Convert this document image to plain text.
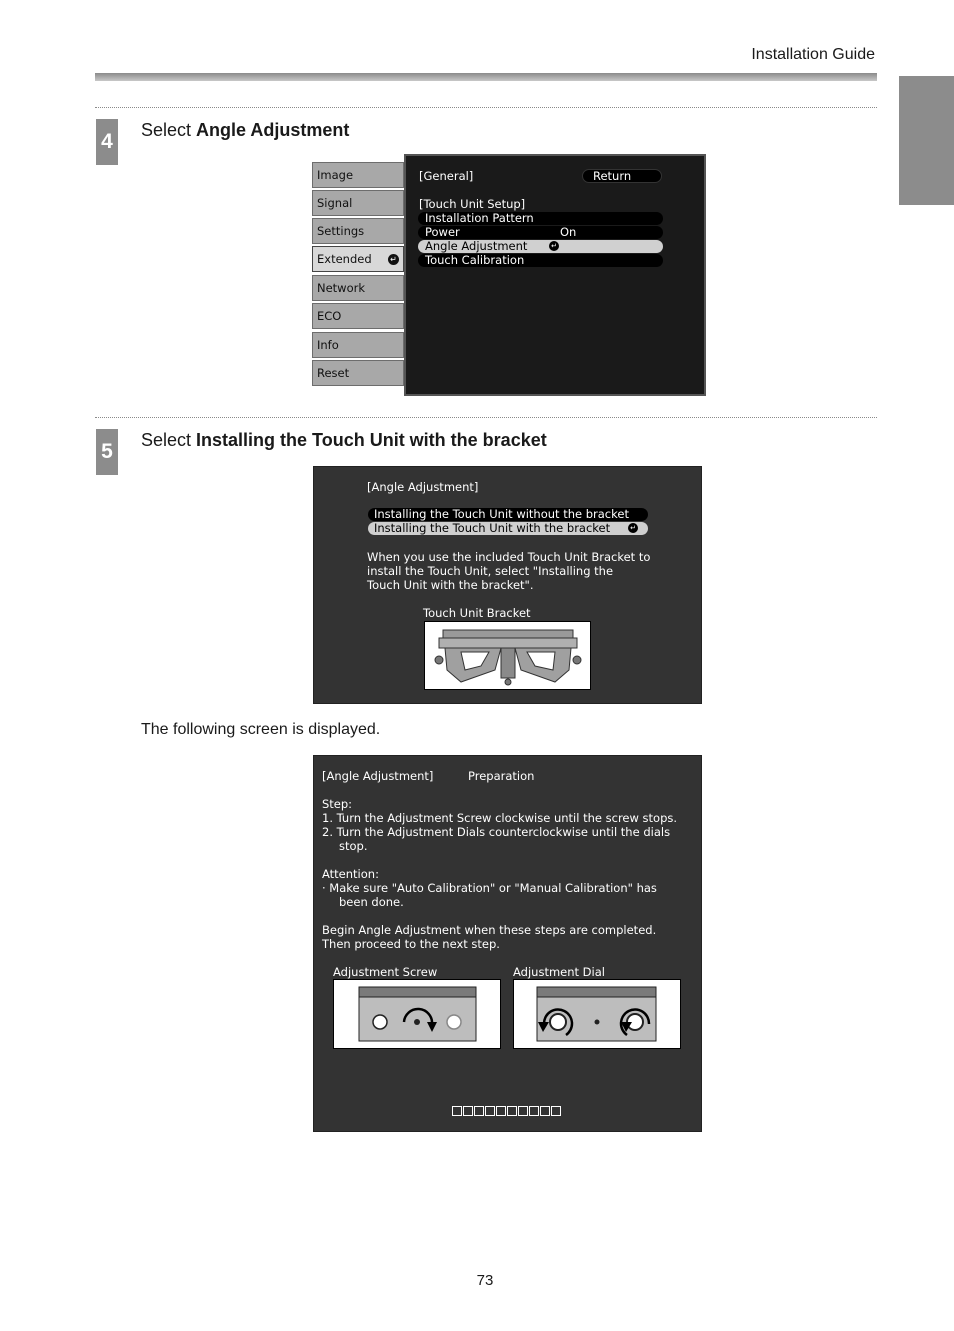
Installation Guide
4 Select Angle Adjustment
Image
Signal
Settings
Extended ↵
Network
ECO
Info
Reset
[General]	Return
[Touch Unit Setup]
Installation Pattern
Power	On
Angle Adjustment	↵
Touch Calibration
5 Select Installing the Touch Unit with the bracket
[Angle Adjustment]
Installing the Touch Unit without the bracket
Installing the Touch Unit with the bracket	↵
When you use the included Touch Unit Bracket to
install the Touch Unit, select "Installing the
Touch Unit with the bracket".
Touch Unit Bracket
The following screen is displayed.
[Angle Adjustment]	Preparation
Step:
1. Turn the Adjustment Screw clockwise until the screw stops.
2. Turn the Adjustment Dials counterclockwise until the dials stop.
Attention:
· Make sure "Auto Calibration" or "Manual Calibration" has been done.
Begin Angle Adjustment when these steps are completed.
Then proceed to the next step.
Adjustment Screw	Adjustment Dial
73
